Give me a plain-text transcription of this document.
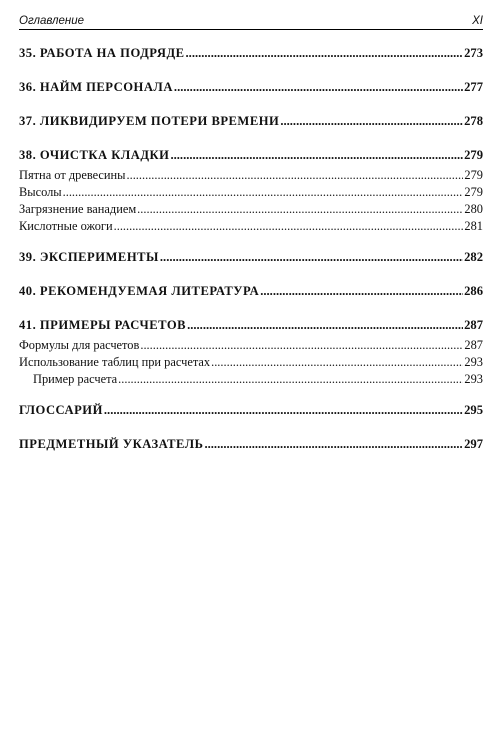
Оглавление	XI
35. РАБОТА НА ПОДРЯДЕ .....	273
36. НАЙМ ПЕРСОНАЛА .....	277
37. ЛИКВИДИРУЕМ ПОТЕРИ ВРЕМЕНИ .....	278
38. ОЧИСТКА КЛАДКИ .....	279
Пятна от древесины .....	279
Высолы .....	279
Загрязнение ванадием .....	280
Кислотные ожоги .....	281
39. ЭКСПЕРИМЕНТЫ .....	282
40. РЕКОМЕНДУЕМАЯ ЛИТЕРАТУРА .....	286
41. ПРИМЕРЫ РАСЧЕТОВ .....	287
Формулы для расчетов .....	287
Использование таблиц при расчетах .....	293
Пример расчета .....	293
ГЛОССАРИЙ .....	295
ПРЕДМЕТНЫЙ УКАЗАТЕЛЬ .....	297
